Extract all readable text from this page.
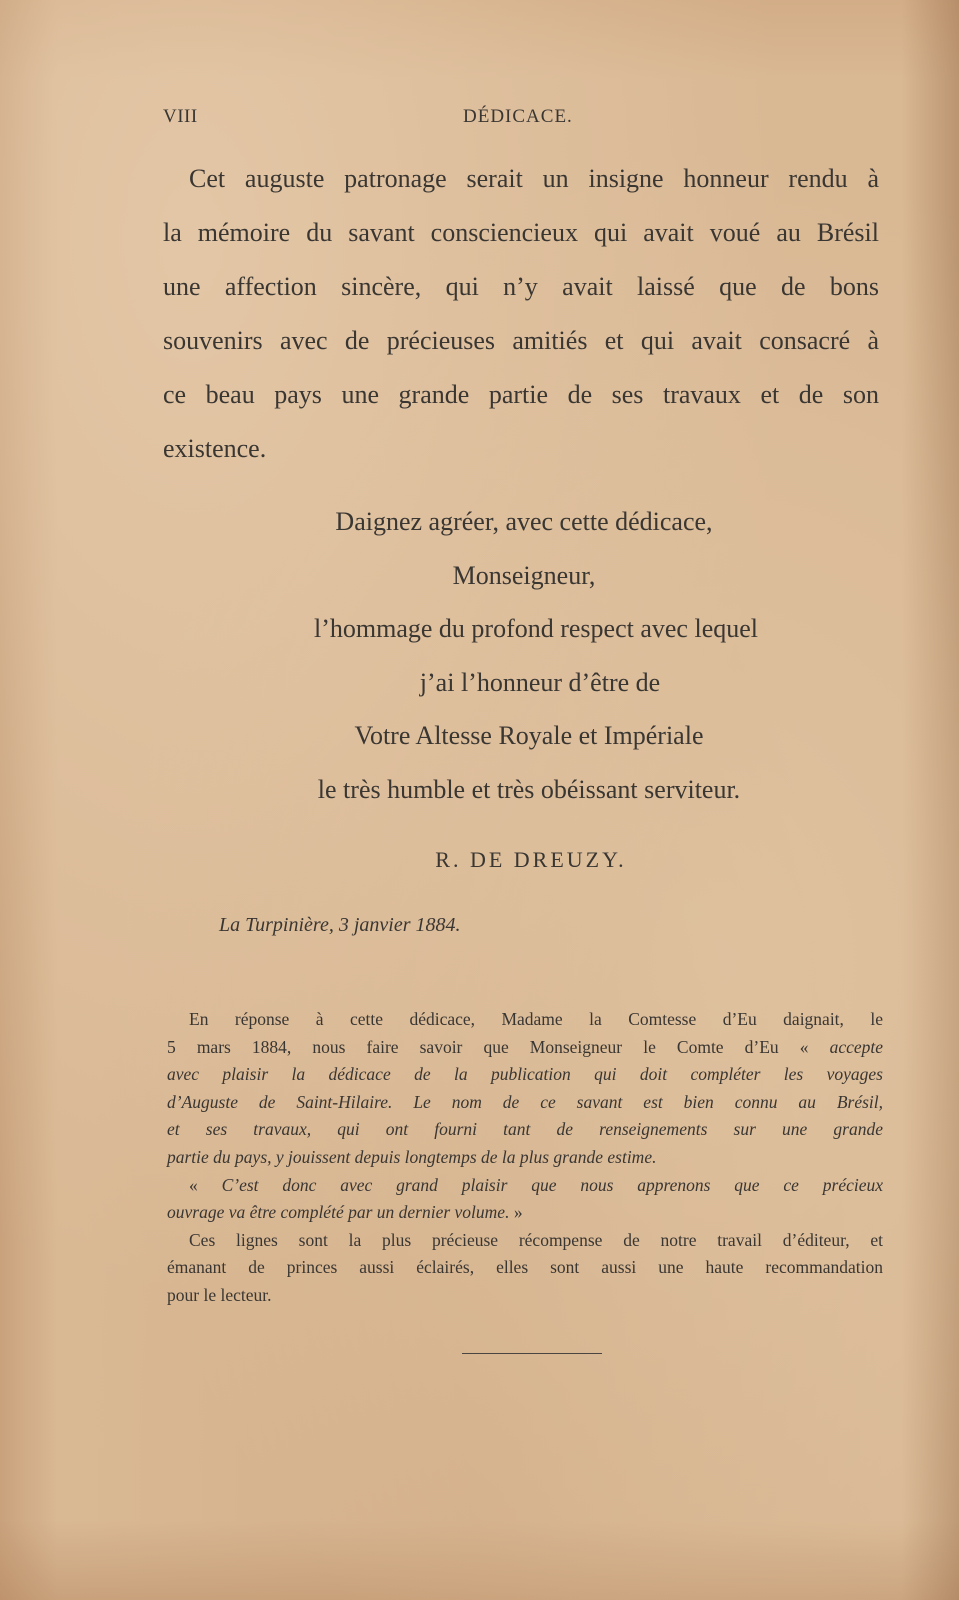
VIII	DÉDICACE.

Cet auguste patronage serait un insigne honneur rendu à
la mémoire du savant consciencieux qui avait voué au Brésil
une affection sincère, qui n’y avait laissé que de bons
souvenirs avec de précieuses amitiés et qui avait consacré à
ce beau pays une grande partie de ses travaux et de son
existence.

Daignez agréer, avec cette dédicace,
Monseigneur,
l’hommage du profond respect avec lequel
j’ai l’honneur d’être de
Votre Altesse Royale et Impériale
le très humble et très obéissant serviteur.
R. DE DREUZY.
La Turpinière, 3 janvier 1884.

En réponse à cette dédicace, Madame la Comtesse d’Eu daignait, le
5 mars 1884, nous faire savoir que Monseigneur le Comte d’Eu « accepte
avec plaisir la dédicace de la publication qui doit compléter les voyages
d’Auguste de Saint-Hilaire. Le nom de ce savant est bien connu au Brésil,
et ses travaux, qui ont fourni tant de renseignements sur une grande
partie du pays, y jouissent depuis longtemps de la plus grande estime.
« C’est donc avec grand plaisir que nous apprenons que ce précieux
ouvrage va être complété par un dernier volume. »
Ces lignes sont la plus précieuse récompense de notre travail d’éditeur, et
émanant de princes aussi éclairés, elles sont aussi une haute recommandation
pour le lecteur.
